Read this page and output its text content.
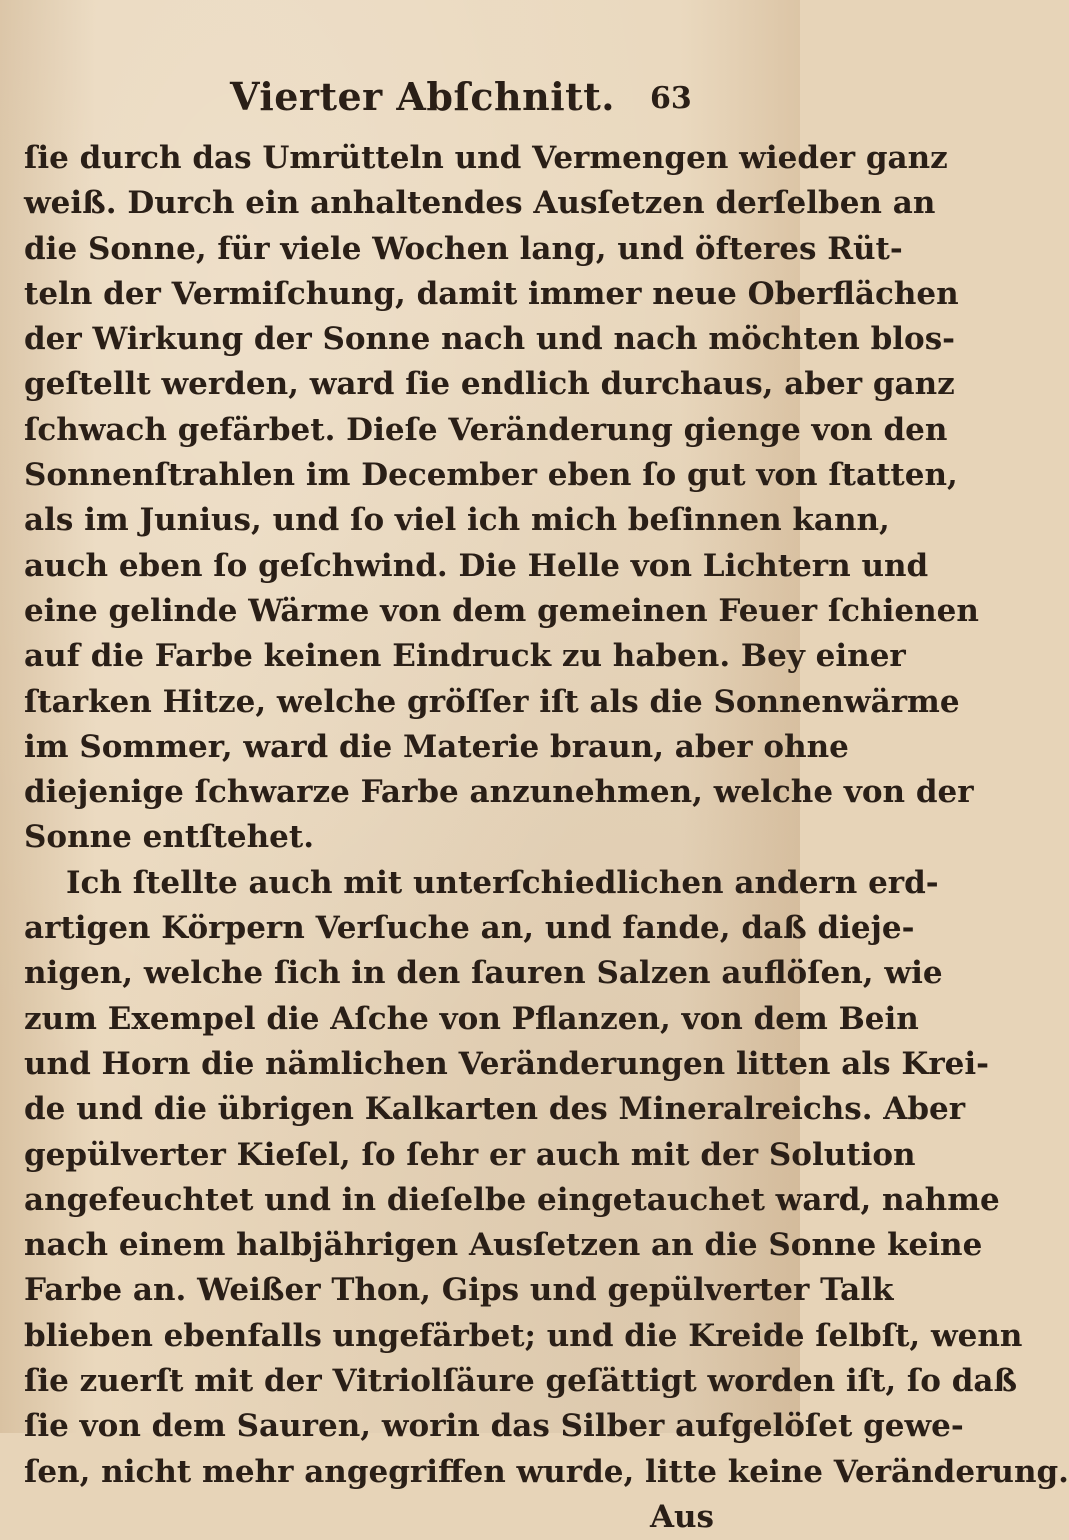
Vierter Abſchnitt. 63
ſie durch das Umrütteln und Vermengen wieder ganz
weiß. Durch ein anhaltendes Ausſetzen derſelben an
die Sonne, für viele Wochen lang, und öfteres Rüt-
teln der Vermiſchung, damit immer neue Oberflächen
der Wirkung der Sonne nach und nach möchten blos-
geſtellt werden, ward ſie endlich durchaus, aber ganz
ſchwach gefärbet. Dieſe Veränderung gienge von den
Sonnenſtrahlen im December eben ſo gut von ſtatten,
als im Junius, und ſo viel ich mich beſinnen kann,
auch eben ſo geſchwind. Die Helle von Lichtern und
eine gelinde Wärme von dem gemeinen Feuer ſchienen
auf die Farbe keinen Eindruck zu haben. Bey einer
ſtarken Hitze, welche gröſſer iſt als die Sonnenwärme
im Sommer, ward die Materie braun, aber ohne
diejenige ſchwarze Farbe anzunehmen, welche von der
Sonne entſtehet.
Ich ſtellte auch mit unterſchiedlichen andern erd-
artigen Körpern Verſuche an, und fande, daß dieje-
nigen, welche ſich in den ſauren Salzen auflöſen, wie
zum Exempel die Aſche von Pflanzen, von dem Bein
und Horn die nämlichen Veränderungen litten als Krei-
de und die übrigen Kalkarten des Mineralreichs. Aber
gepülverter Kieſel, ſo ſehr er auch mit der Solution
angefeuchtet und in dieſelbe eingetauchet ward, nahme
nach einem halbjährigen Ausſetzen an die Sonne keine
Farbe an. Weißer Thon, Gips und gepülverter Talk
blieben ebenfalls ungefärbet; und die Kreide ſelbſt, wenn
ſie zuerſt mit der Vitriolſäure geſättigt worden iſt, ſo daß
ſie von dem Sauren, worin das Silber aufgelöſet gewe-
ſen, nicht mehr angegriffen wurde, litte keine Veränderung.
Aus
